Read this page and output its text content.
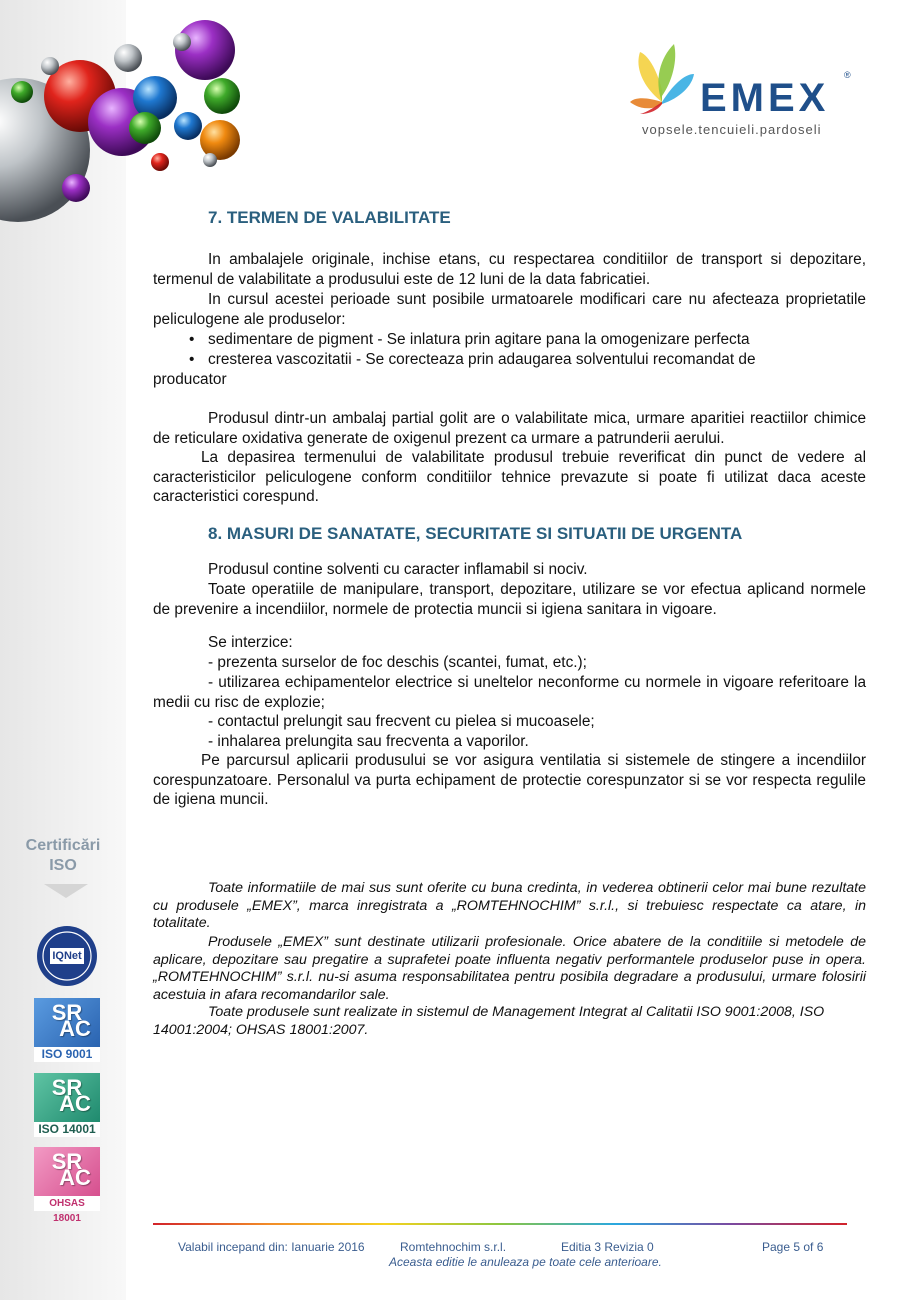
EMEX
®
vopsele.tencuieli.pardoseli
7. TERMEN DE VALABILITATE
In ambalajele originale, inchise etans, cu respectarea conditiilor de transport si depozitare, termenul de valabilitate a produsului este de 12 luni de la data fabricatiei.
In cursul acestei perioade sunt posibile urmatoarele modificari care nu afecteaza proprietatile peliculogene ale produselor:
• sedimentare de pigment - Se inlatura prin agitare pana la omogenizare perfecta
• cresterea vascozitatii - Se corecteaza prin adaugarea solventului recomandat de
producator
Produsul dintr-un ambalaj partial golit are o valabilitate mica, urmare aparitiei reactiilor chimice de reticulare oxidativa generate de oxigenul prezent ca urmare a patrunderii aerului.
La depasirea termenului de valabilitate produsul trebuie reverificat din punct de vedere al caracteristicilor peliculogene conform conditiilor tehnice prevazute si poate fi utilizat daca aceste caracteristici corespund.
8. MASURI DE SANATATE, SECURITATE SI SITUATII DE URGENTA
Produsul contine solventi cu caracter inflamabil si nociv.
Toate operatiile de manipulare, transport, depozitare, utilizare se vor efectua aplicand normele de prevenire a incendiilor, normele de protectia muncii si igiena sanitara in vigoare.
Se interzice:
- prezenta surselor de foc deschis (scantei, fumat, etc.);
- utilizarea echipamentelor electrice si uneltelor neconforme cu normele in vigoare referitoare la medii cu risc de explozie;
- contactul prelungit sau frecvent cu pielea si mucoasele;
- inhalarea prelungita sau frecventa a vaporilor.
Pe parcursul aplicarii produsului se vor asigura ventilatia si sistemele de stingere a incendiilor corespunzatoare. Personalul va purta echipament de protectie corespunzator si se vor respecta regulile de igiena muncii.
Toate informatiile de mai sus sunt oferite cu buna credinta, in vederea obtinerii celor mai bune rezultate cu produsele „EMEX”, marca inregistrata a „ROMTEHNOCHIM” s.r.l., si trebuiesc respectate ca atare, in totalitate.
Produsele „EMEX” sunt destinate utilizarii profesionale. Orice abatere de la conditiile si metodele de aplicare, depozitare sau pregatire a suprafetei poate influenta negativ performantele produselor puse in opera. „ROMTEHNOCHIM” s.r.l. nu-si asuma responsabilitatea pentru posibila degradare a produsului, urmare folosirii acestuia in afara recomandarilor sale.
Toate produsele sunt realizate in sistemul de Management Integrat al Calitatii ISO 9001:2008, ISO 14001:2004; OHSAS 18001:2007.
Certificări
ISO
IQNet
SR
AC
ISO 9001
SR
AC
ISO 14001
SR
AC
OHSAS 18001
Valabil incepand din: Ianuarie 2016	Romtehnochim s.r.l.	Editia 3 Revizia 0	Page 5 of 6
Aceasta editie le anuleaza pe toate cele anterioare.
